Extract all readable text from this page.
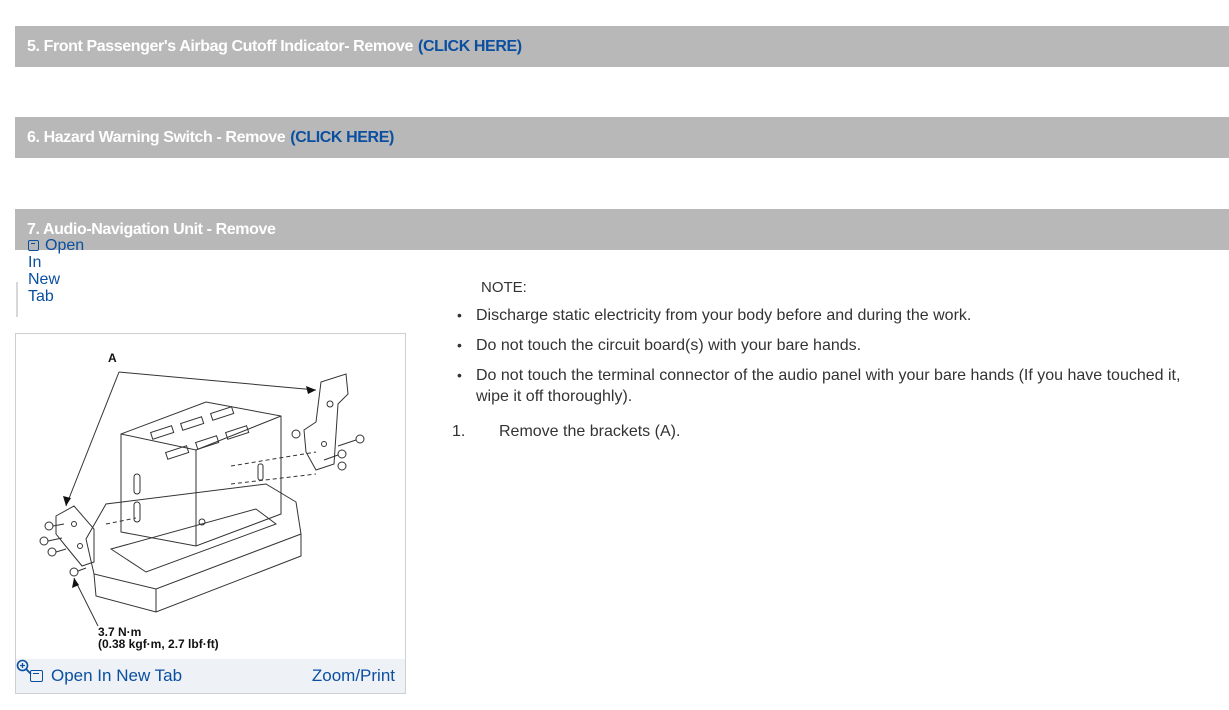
5. Front Passenger's Airbag Cutoff Indicator- Remove (CLICK HERE)
6. Hazard Warning Switch - Remove (CLICK HERE)
7. Audio-Navigation Unit - Remove
Open
In
New
Tab
A
3.7 N·m
(0.38 kgf·m, 2.7 lbf·ft)
Open In New Tab	Zoom/Print
NOTE:
• Discharge static electricity from your body before and during the work.
• Do not touch the circuit board(s) with your bare hands.
• Do not touch the terminal connector of the audio panel with your bare hands (If you have touched it, wipe it off thoroughly).
1.	Remove the brackets (A).
